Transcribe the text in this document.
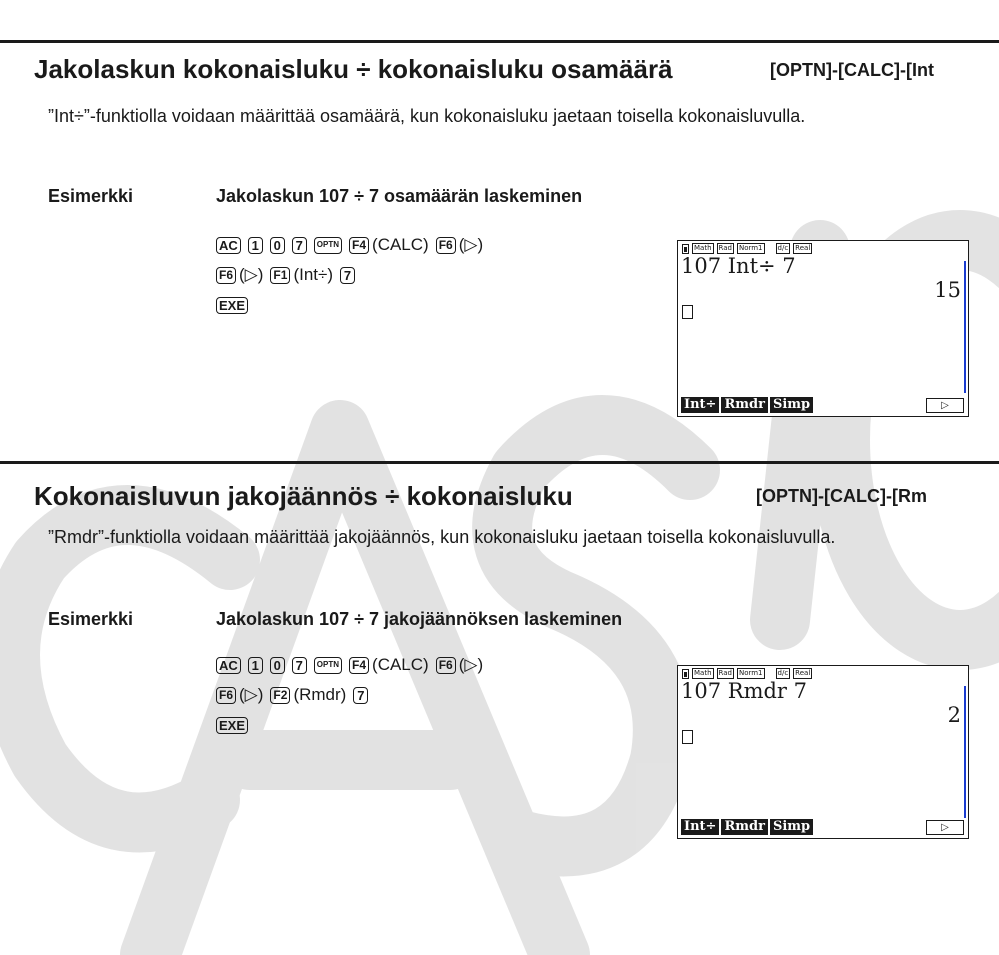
Jakolaskun kokonaisluku ÷ kokonaisluku osamäärä	[OPTN]-[CALC]-[Int
”Int÷”-funktiolla voidaan määrittää osamäärä, kun kokonaisluku jaetaan toisella kokonaisluvulla.
Esimerkki	Jakolaskun 107 ÷ 7 osamäärän laskeminen
AC 1 0 7	OPTN F4 (CALC) F6 (▷)
F6 (▷) F1 (Int÷) 7
EXE
Math Rad Norm1 d/c Real
107 Int÷ 7
15
Int÷ Rmdr Simp	▷
Kokonaisluvun jakojäännös ÷ kokonaisluku	[OPTN]-[CALC]-[Rm
”Rmdr”-funktiolla voidaan määrittää jakojäännös, kun kokonaisluku jaetaan toisella kokonaisluvulla.
Esimerkki	Jakolaskun 107 ÷ 7 jakojäännöksen laskeminen
AC 1 0 7	OPTN F4 (CALC) F6 (▷)
F6 (▷) F2 (Rmdr) 7
EXE
Math Rad Norm1 d/c Real
107 Rmdr 7
2
Int÷ Rmdr Simp	▷
